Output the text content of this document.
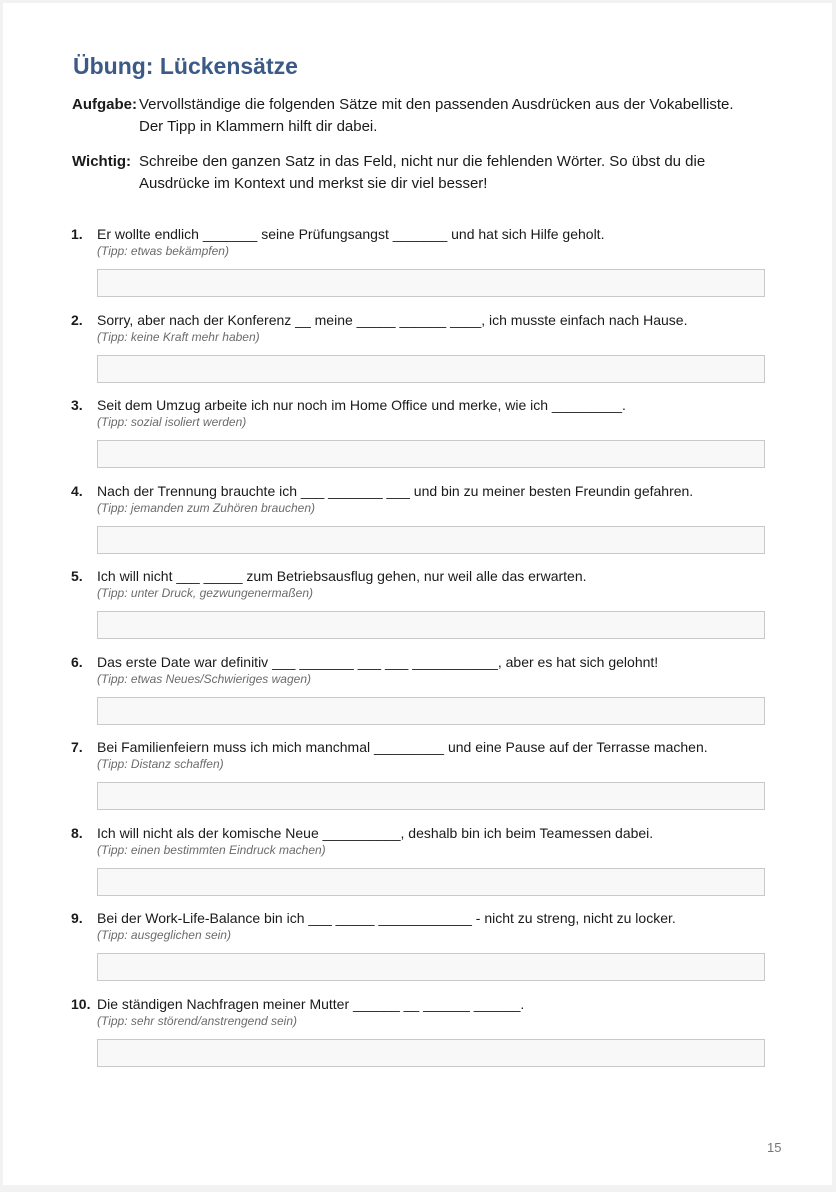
Übung: Lückensätze
Aufgabe: Vervollständige die folgenden Sätze mit den passenden Ausdrücken aus der Vokabelliste. Der Tipp in Klammern hilft dir dabei.
Wichtig: Schreibe den ganzen Satz in das Feld, nicht nur die fehlenden Wörter. So übst du die Ausdrücke im Kontext und merkst sie dir viel besser!
1. Er wollte endlich _______ seine Prüfungsangst _______ und hat sich Hilfe geholt.
(Tipp: etwas bekämpfen)
2. Sorry, aber nach der Konferenz __ meine _____ ______ ____, ich musste einfach nach Hause.
(Tipp: keine Kraft mehr haben)
3. Seit dem Umzug arbeite ich nur noch im Home Office und merke, wie ich _________.
(Tipp: sozial isoliert werden)
4. Nach der Trennung brauchte ich ___ _______ ___ und bin zu meiner besten Freundin gefahren.
(Tipp: jemanden zum Zuhören brauchen)
5. Ich will nicht ___ _____ zum Betriebsausflug gehen, nur weil alle das erwarten.
(Tipp: unter Druck, gezwungenermaßen)
6. Das erste Date war definitiv ___ _______ ___ ___ ___________, aber es hat sich gelohnt!
(Tipp: etwas Neues/Schwieriges wagen)
7. Bei Familienfeiern muss ich mich manchmal _________ und eine Pause auf der Terrasse machen.
(Tipp: Distanz schaffen)
8. Ich will nicht als der komische Neue __________, deshalb bin ich beim Teamessen dabei.
(Tipp: einen bestimmten Eindruck machen)
9. Bei der Work-Life-Balance bin ich ___ _____ ____________ - nicht zu streng, nicht zu locker.
(Tipp: ausgeglichen sein)
10. Die ständigen Nachfragen meiner Mutter ______ __ ______ ______.
(Tipp: sehr störend/anstrengend sein)
15
